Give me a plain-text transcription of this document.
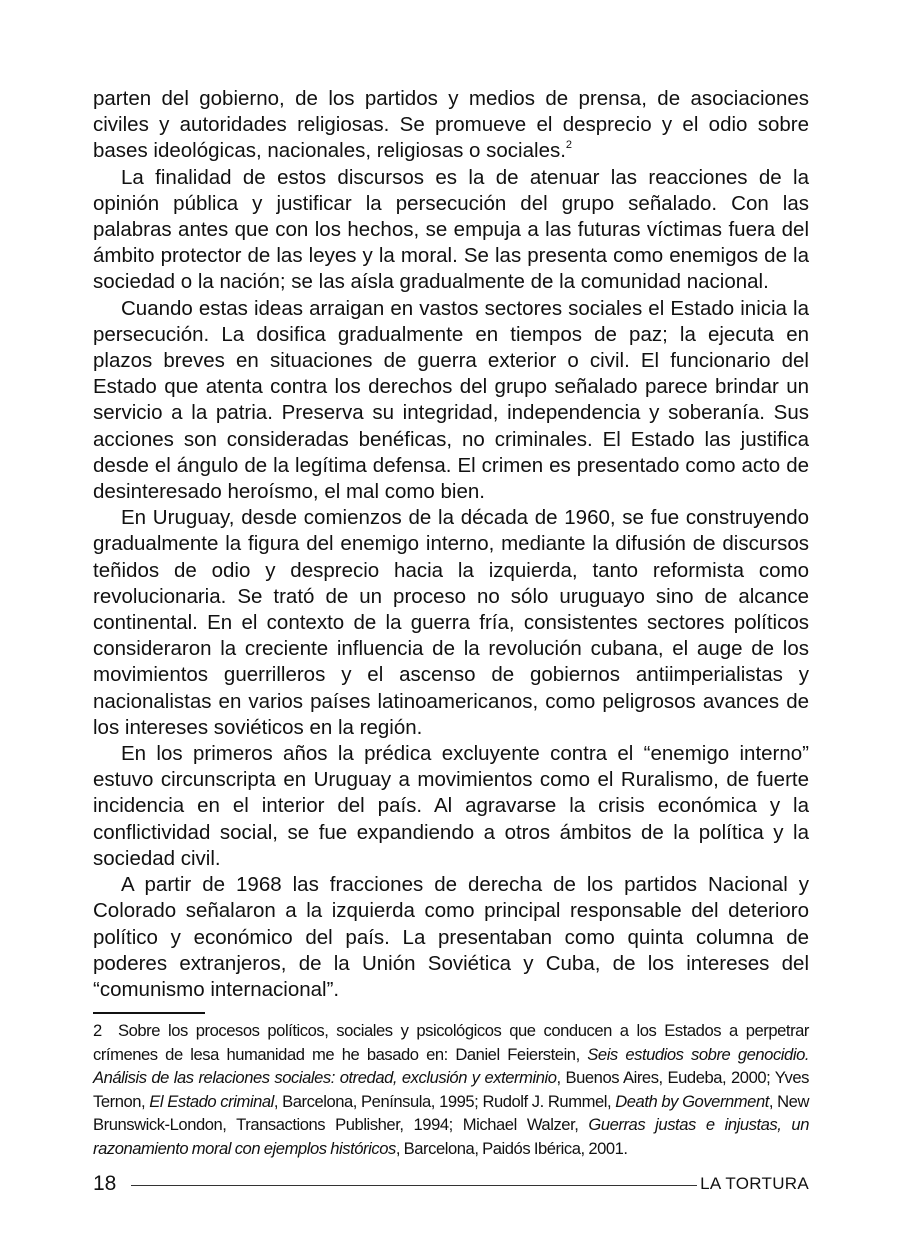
parten del gobierno, de los partidos y medios de prensa, de asociaciones civiles y autoridades religiosas. Se promueve el desprecio y el odio sobre bases ideológicas, nacionales, religiosas o sociales.$^2$

La finalidad de estos discursos es la de atenuar las reacciones de la opinión pública y justificar la persecución del grupo señalado. Con las palabras antes que con los hechos, se empuja a las futuras víctimas fuera del ámbito protector de las leyes y la moral. Se las presenta como enemigos de la sociedad o la nación; se las aísla gradualmente de la comunidad nacional.

Cuando estas ideas arraigan en vastos sectores sociales el Estado inicia la persecución. La dosifica gradualmente en tiempos de paz; la ejecuta en plazos breves en situaciones de guerra exterior o civil. El funcionario del Estado que atenta contra los derechos del grupo señalado parece brindar un servicio a la patria. Preserva su integridad, independencia y soberanía. Sus acciones son consideradas benéficas, no criminales. El Estado las justifica desde el ángulo de la legítima defensa. El crimen es presentado como acto de desinteresado heroísmo, el mal como bien.

En Uruguay, desde comienzos de la década de 1960, se fue construyendo gradualmente la figura del enemigo interno, mediante la difusión de discursos teñidos de odio y desprecio hacia la izquierda, tanto reformista como revolucionaria. Se trató de un proceso no sólo uruguayo sino de alcance continental. En el contexto de la guerra fría, consistentes sectores políticos consideraron la creciente influencia de la revolución cubana, el auge de los movimientos guerrilleros y el ascenso de gobiernos antiimperialistas y nacionalistas en varios países latinoamericanos, como peligrosos avances de los intereses soviéticos en la región.

En los primeros años la prédica excluyente contra el “enemigo interno” estuvo circunscripta en Uruguay a movimientos como el Ruralismo, de fuerte incidencia en el interior del país. Al agravarse la crisis económica y la conflictividad social, se fue expandiendo a otros ámbitos de la política y la sociedad civil.

A partir de 1968 las fracciones de derecha de los partidos Nacional y Colorado señalaron a la izquierda como principal responsable del deterioro político y económico del país. La presentaban como quinta columna de poderes extranjeros, de la Unión Soviética y Cuba, de los intereses del “comunismo internacional”.

2 Sobre los procesos políticos, sociales y psicológicos que conducen a los Estados a perpetrar crímenes de lesa humanidad me he basado en: Daniel Feierstein, Seis estudios sobre genocidio. Análisis de las relaciones sociales: otredad, exclusión y exterminio, Buenos Aires, Eudeba, 2000; Yves Ternon, El Estado criminal, Barcelona, Península, 1995; Rudolf J. Rummel, Death by Government, New Brunswick-London, Transactions Publisher, 1994; Michael Walzer, Guerras justas e injustas, un razonamiento moral con ejemplos históricos, Barcelona, Paidós Ibérica, 2001.

18	LA TORTURA
